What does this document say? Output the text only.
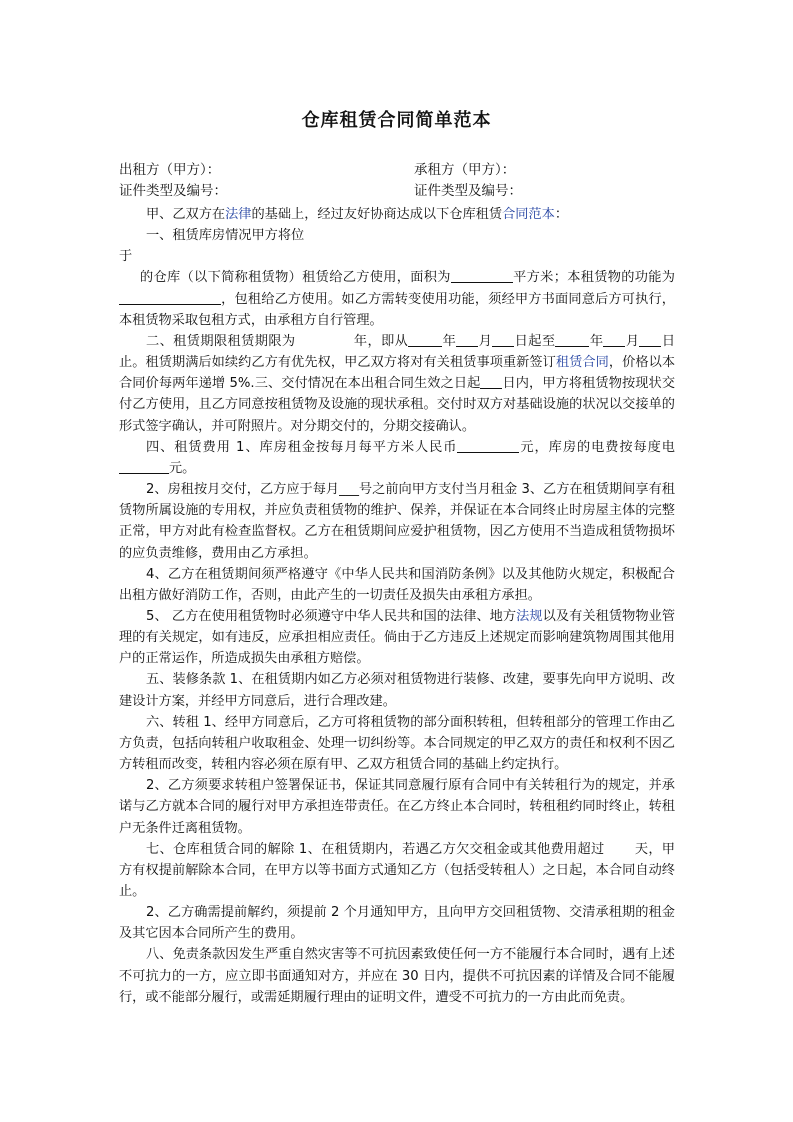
仓库租赁合同简单范本
出租方（甲方）：	承租方（甲方）：
证件类型及编号：	证件类型及编号：

甲、乙双方在法律的基础上，经过友好协商达成以下仓库租赁合同范本：

一、租赁库房情况甲方将位

于

的仓库（以下简称租赁物）租赁给乙方使用，面积为	平方米；本租赁物的功能为，包租给乙方使用。如乙方需转变使用功能，须经甲方书面同意后方可执行，本租赁物采取包租方式，由承租方自行管理。

二、租赁期限租赁期限为	年，即从	年 月 日起至	年 月 日止。租赁期满后如续约乙方有优先权，甲乙双方将对有关租赁事项重新签订租赁合同，价格以本合同价每两年递增 5%.三、交付情况在本出租合同生效之日起 日内，甲方将租赁物按现状交付乙方使用，且乙方同意按租赁物及设施的现状承租。交付时双方对基础设施的状况以交接单的形式签字确认，并可附照片。对分期交付的，分期交接确认。

四、租赁费用 1、库房租金按每月每平方米人民币	元，库房的电费按每度电元。

2、房租按月交付，乙方应于每月___号之前向甲方支付当月租金 3、乙方在租赁期间享有租赁物所属设施的专用权，并应负责租赁物的维护、保养，并保证在本合同终止时房屋主体的完整正常，甲方对此有检查监督权。乙方在租赁期间应爱护租赁物，因乙方使用不当造成租赁物损坏的应负责维修，费用由乙方承担。

4、乙方在租赁期间须严格遵守《中华人民共和国消防条例》以及其他防火规定，积极配合出租方做好消防工作，否则，由此产生的一切责任及损失由承租方承担。

5、 乙方在使用租赁物时必须遵守中华人民共和国的法律、地方法规以及有关租赁物物业管理的有关规定，如有违反，应承担相应责任。倘由于乙方违反上述规定而影响建筑物周围其他用户的正常运作，所造成损失由承租方赔偿。

五、装修条款 1、在租赁期内如乙方必须对租赁物进行装修、改建，要事先向甲方说明、改建设计方案，并经甲方同意后，进行合理改建。

六、转租 1、经甲方同意后，乙方可将租赁物的部分面积转租，但转租部分的管理工作由乙方负责，包括向转租户收取租金、处理一切纠纷等。本合同规定的甲乙双方的责任和权利不因乙方转租而改变，转租内容必须在原有甲、乙双方租赁合同的基础上约定执行。

2、乙方须要求转租户签署保证书，保证其同意履行原有合同中有关转租行为的规定，并承诺与乙方就本合同的履行对甲方承担连带责任。在乙方终止本合同时，转租租约同时终止，转租户无条件迁离租赁物。

七、仓库租赁合同的解除 1、在租赁期内，若遇乙方欠交租金或其他费用超过 天，甲方有权提前解除本合同，在甲方以等书面方式通知乙方（包括受转租人）之日起，本合同自动终止。

2、乙方确需提前解约，须提前 2 个月通知甲方，且向甲方交回租赁物、交清承租期的租金及其它因本合同所产生的费用。

八、免责条款因发生严重自然灾害等不可抗因素致使任何一方不能履行本合同时，遇有上述不可抗力的一方，应立即书面通知对方，并应在 30 日内，提供不可抗因素的详情及合同不能履行，或不能部分履行，或需延期履行理由的证明文件，遭受不可抗力的一方由此而免责。
